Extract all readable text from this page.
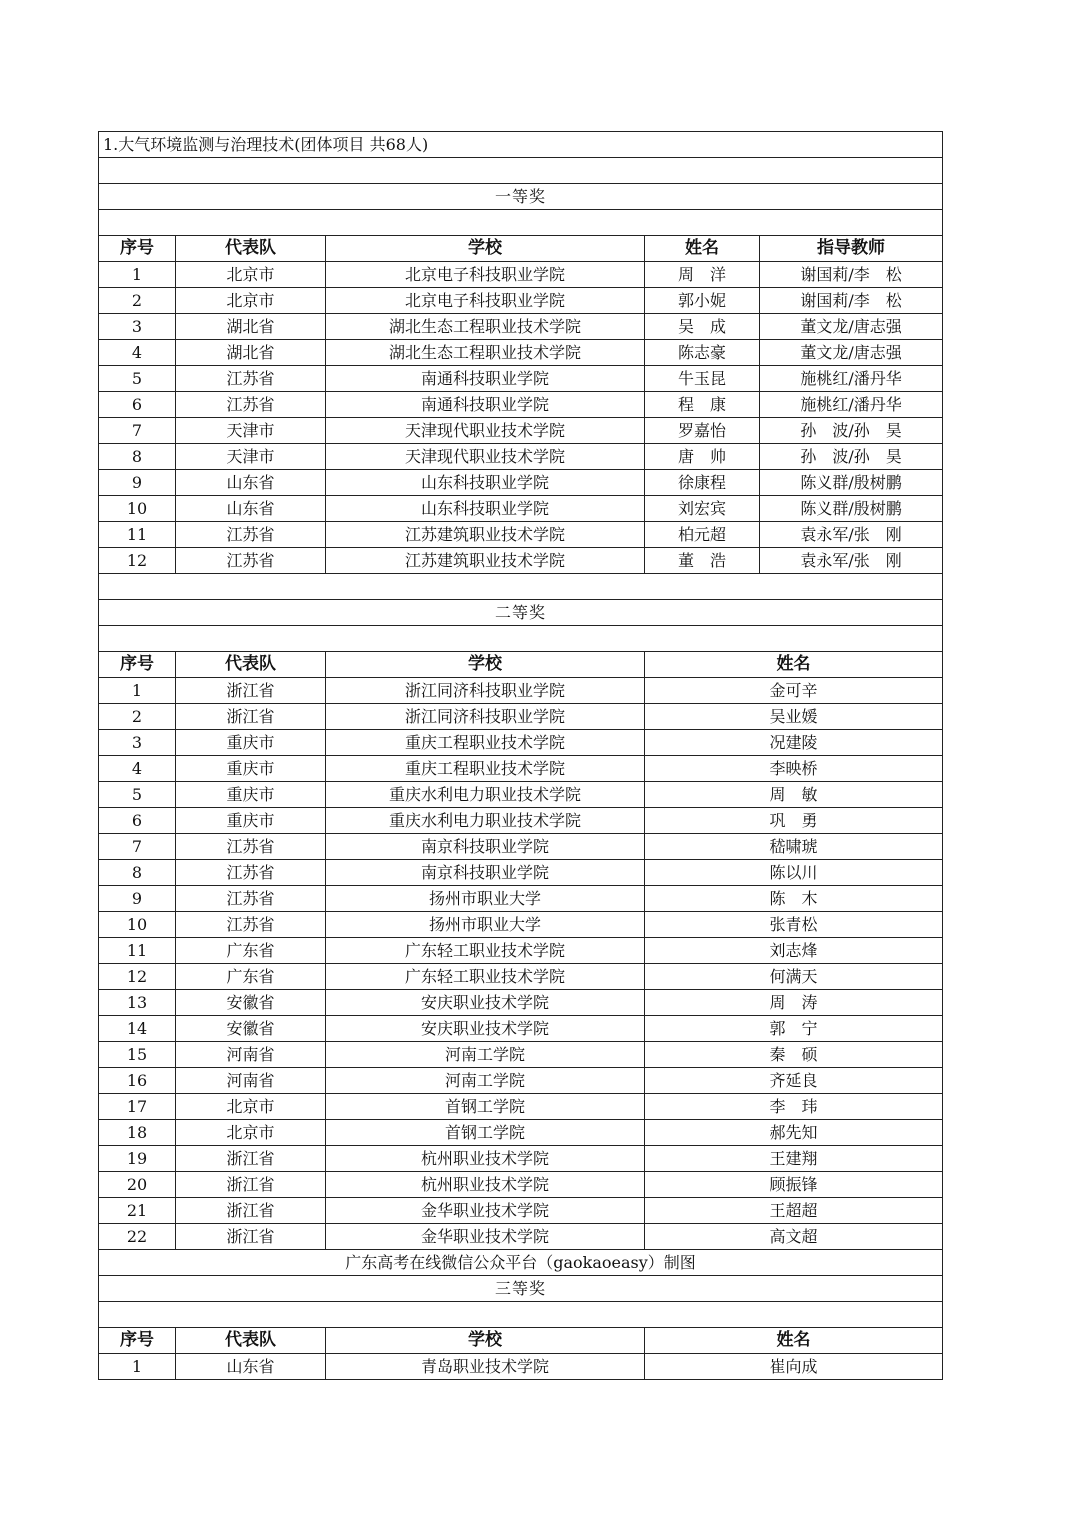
1.大气环境监测与治理技术(团体项目 共68人)				

一等奖				

序号	代表队	学校	姓名	指导教师
1	北京市	北京电子科技职业学院	周　洋	谢国莉/李　松
2	北京市	北京电子科技职业学院	郭小妮	谢国莉/李　松
3	湖北省	湖北生态工程职业技术学院	吴　成	董文龙/唐志强
4	湖北省	湖北生态工程职业技术学院	陈志豪	董文龙/唐志强
5	江苏省	南通科技职业学院	牛玉昆	施桃红/潘丹华
6	江苏省	南通科技职业学院	程　康	施桃红/潘丹华
7	天津市	天津现代职业技术学院	罗嘉怡	孙　波/孙　昊
8	天津市	天津现代职业技术学院	唐　帅	孙　波/孙　昊
9	山东省	山东科技职业学院	徐康程	陈义群/殷树鹏
10	山东省	山东科技职业学院	刘宏宾	陈义群/殷树鹏
11	江苏省	江苏建筑职业技术学院	柏元超	袁永军/张　刚
12	江苏省	江苏建筑职业技术学院	董　浩	袁永军/张　刚

二等奖				

序号	代表队	学校	姓名	
1	浙江省	浙江同济科技职业学院	金可辛	
2	浙江省	浙江同济科技职业学院	吴业媛	
3	重庆市	重庆工程职业技术学院	况建陵	
4	重庆市	重庆工程职业技术学院	李映桥	
5	重庆市	重庆水利电力职业技术学院	周　敏	
6	重庆市	重庆水利电力职业技术学院	巩　勇	
7	江苏省	南京科技职业学院	嵇啸琥	
8	江苏省	南京科技职业学院	陈以川	
9	江苏省	扬州市职业大学	陈　木	
10	江苏省	扬州市职业大学	张青松	
11	广东省	广东轻工职业技术学院	刘志烽	
12	广东省	广东轻工职业技术学院	何满天	
13	安徽省	安庆职业技术学院	周　涛	
14	安徽省	安庆职业技术学院	郭　宁	
15	河南省	河南工学院	秦　硕	
16	河南省	河南工学院	齐延良	
17	北京市	首钢工学院	李　玮	
18	北京市	首钢工学院	郝先知	
19	浙江省	杭州职业技术学院	王建翔	
20	浙江省	杭州职业技术学院	顾振锋	
21	浙江省	金华职业技术学院	王超超	
22	浙江省	金华职业技术学院	高文超	
广东高考在线微信公众平台（gaokaoeasy）制图				
三等奖				

序号	代表队	学校	姓名	
1	山东省	青岛职业技术学院	崔向成	
